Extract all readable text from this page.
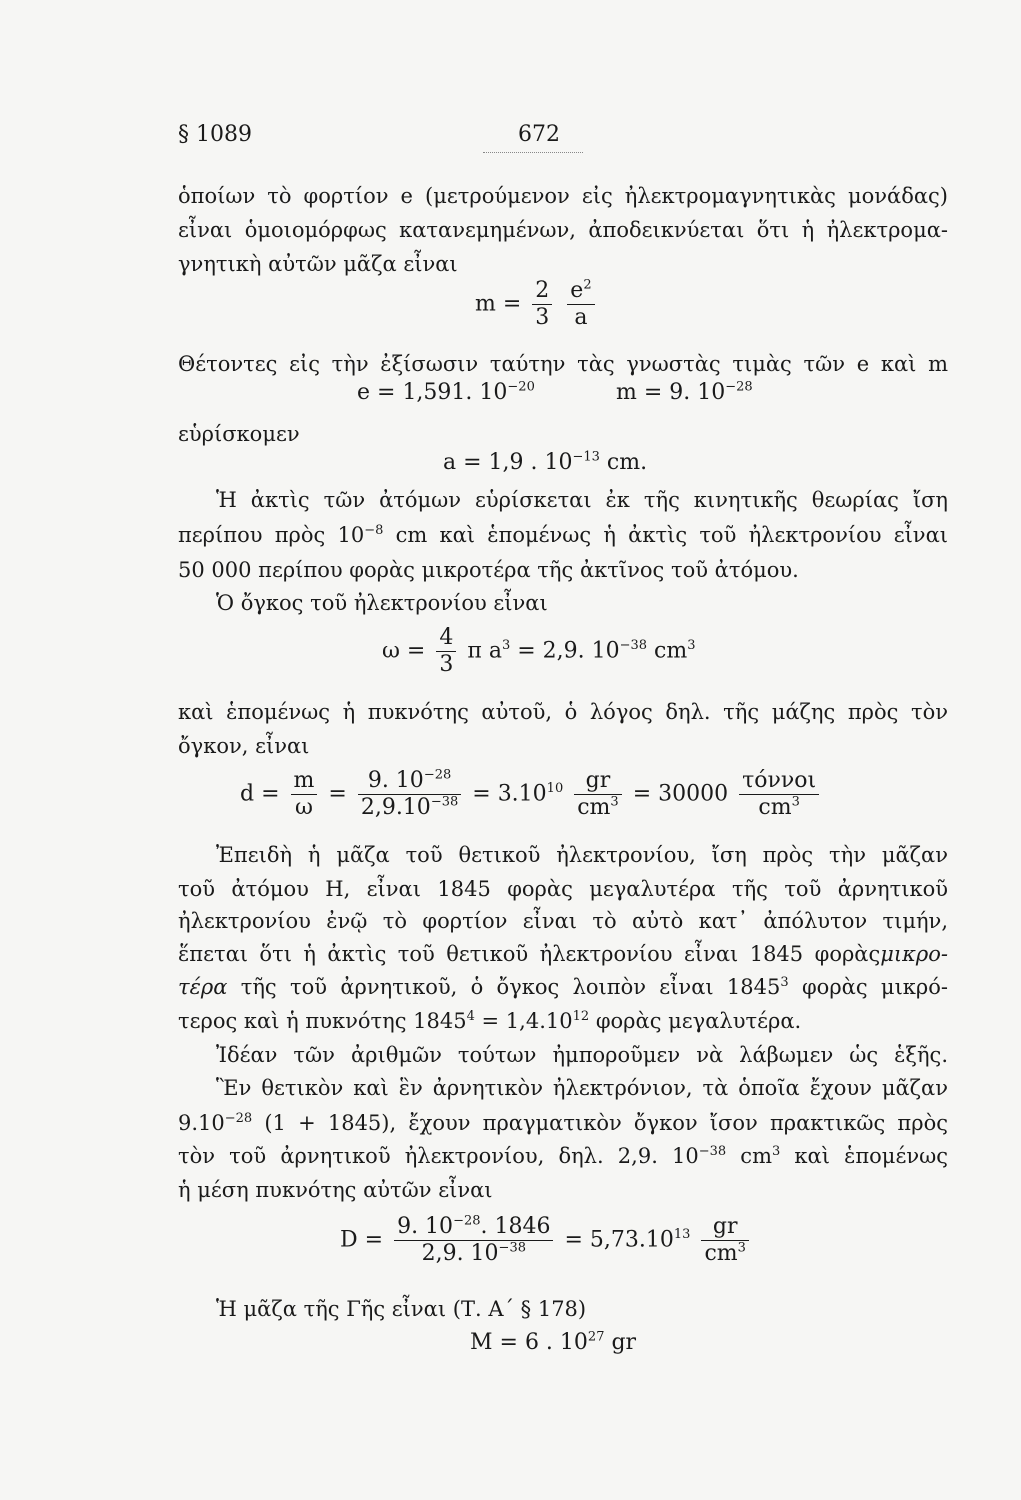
§ 1089	672
ὁποίων τὸ φορτίον e (μετρούμενον εἰς ἠλεκτρομαγνητικὰς μονάδας)
εἶναι ὁμοιομόρφως κατανεμημένων, ἀποδεικνύεται ὅτι ἡ ἠλεκτρομα-
γνητικὴ αὐτῶν μᾶζα εἶναι
$m = \frac{2}{3}$
$\frac{e^2}{a}$
Θέτοντες εἰς τὴν ἐξίσωσιν ταύτην τὰς γνωστὰς τιμὰς τῶν e καὶ m
e = 1,591. $10^{-20}$	m = 9. $10^{-28}$
εὑρίσκομεν
a = 1,9 . $10^{-13}$ cm.
Ἡ ἀκτὶς τῶν ἀτόμων εὑρίσκεται ἐκ τῆς κινητικῆς θεωρίας ἴση
περίπου πρὸς $10^{-8}$ cm καὶ ἑπομένως ἡ ἀκτὶς τοῦ ἠλεκτρονίου εἶναι
50 000 περίπου φορὰς μικροτέρα τῆς ἀκτῖνος τοῦ ἀτόμου.
Ὁ ὄγκος τοῦ ἠλεκτρονίου εἶναι
$\omega = \frac{4}{3}$ π $a^3 = 2,9$. $10^{-38}$ $cm^3$
καὶ ἑπομένως ἡ πυκνότης αὐτοῦ, ὁ λόγος δηλ. τῆς μάζης πρὸς τὸν
ὄγκον, εἶναι
$d = \frac{m}{\omega} = \frac{9. 10^{-28}}{2,9.10^{-38}} = 3.10^{10} \frac{gr}{cm^3} = 30000 \frac{\text{τόννοι}}{cm^3}$
Ἐπειδὴ ἡ μᾶζα τοῦ θετικοῦ ἠλεκτρονίου, ἴση πρὸς τὴν μᾶζαν
τοῦ ἀτόμου H, εἶναι 1845 φορὰς μεγαλυτέρα τῆς τοῦ ἀρνητικοῦ
ἠλεκτρονίου ἐνῷ τὸ φορτίον εἶναι τὸ αὐτὸ κατ᾽ ἀπόλυτον τιμήν,
ἕπεται ὅτι ἡ ἀκτὶς τοῦ θετικοῦ ἠλεκτρονίου εἶναι 1845 φορὰςμικρο-
τέρα τῆς τοῦ ἀρνητικοῦ, ὁ ὄγκος λοιπὸν εἶναι 1845$^3$ φορὰς μικρό-
τερος καὶ ἡ πυκνότης $1845^4 = 1,4.10^{12}$ φορὰς μεγαλυτέρα.
Ἰδέαν τῶν ἀριθμῶν τούτων ἠμποροῦμεν νὰ λάβωμεν ὡς ἑξῆς.
Ἓν θετικὸν καὶ ἓν ἀρνητικὸν ἠλεκτρόνιον, τὰ ὁποῖα ἔχουν μᾶζαν
$9.10^{-28}$ (1 + 1845), ἔχουν πραγματικὸν ὄγκον ἴσον πρακτικῶς πρὸς
τὸν τοῦ ἀρνητικοῦ ἠλεκτρονίου, δηλ. 2,9. $10^{-38}$ $cm^3$ καὶ ἑπομένως
ἡ μέση πυκνότης αὐτῶν εἶναι
$D = \frac{9. 10^{-28}. 1846}{2,9. 10^{-38}} = 5,73.10^{13} \frac{gr}{cm^3}$
Ἡ μᾶζα τῆς Γῆς εἶναι (Τ. Α΄ § 178)
M = 6 . $10^{27}$ gr
